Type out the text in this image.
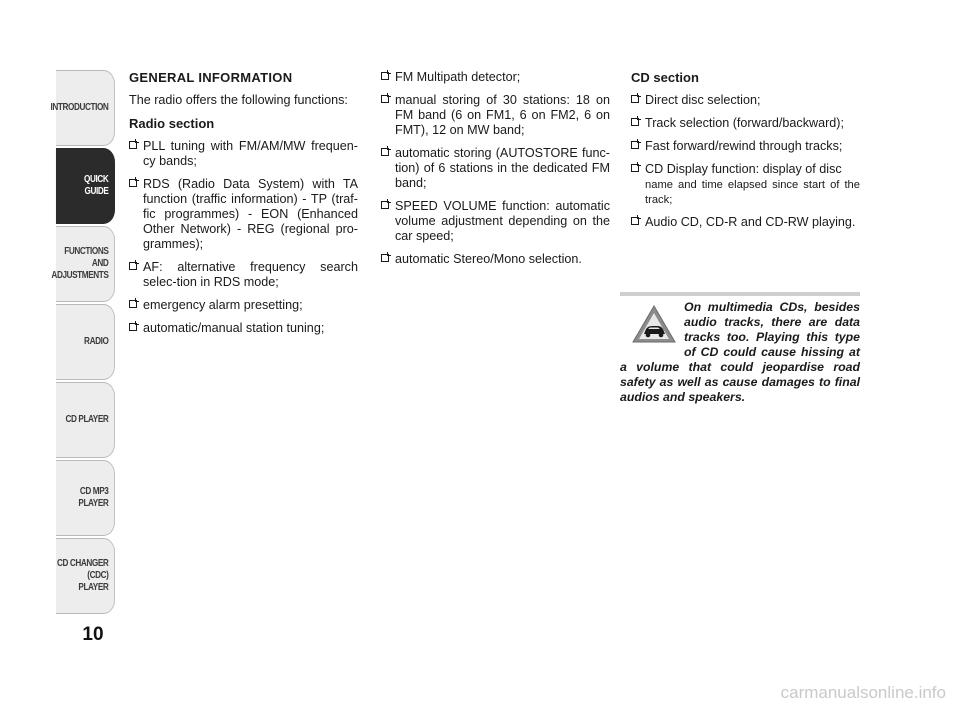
INTRODUCTION
QUICK
GUIDE
FUNCTIONS
AND
ADJUSTMENTS
RADIO
CD PLAYER
CD MP3
PLAYER
CD CHANGER
(CDC) PLAYER
10
GENERAL INFORMATION
The radio offers the following functions:
Radio section
PLL tuning with FM/AM/MW frequen-cy bands;
RDS (Radio Data System) with TA function (traffic information) - TP (traf-fic programmes) - EON (Enhanced Other Network) - REG (regional pro-grammes);
AF: alternative frequency search selec-tion in RDS mode;
emergency alarm presetting;
automatic/manual station tuning;
FM Multipath detector;
manual storing of 30 stations: 18 on FM band (6 on FM1, 6 on FM2, 6 on FMT), 12 on MW band;
automatic storing (AUTOSTORE func-tion) of 6 stations in the dedicated FM band;
SPEED VOLUME function: automatic volume adjustment depending on the car speed;
automatic Stereo/Mono selection.
CD section
Direct disc selection;
Track selection (forward/backward);
Fast forward/rewind through tracks;
CD Display function: display of disc
name and time elapsed since start of the track;
Audio CD, CD-R and CD-RW playing.
On multimedia CDs, besides audio tracks, there are data tracks too. Playing this type of CD could cause hissing at a volume that could jeopardise road safety as well as cause damages to final audios and speakers.
carmanualsonline.info
